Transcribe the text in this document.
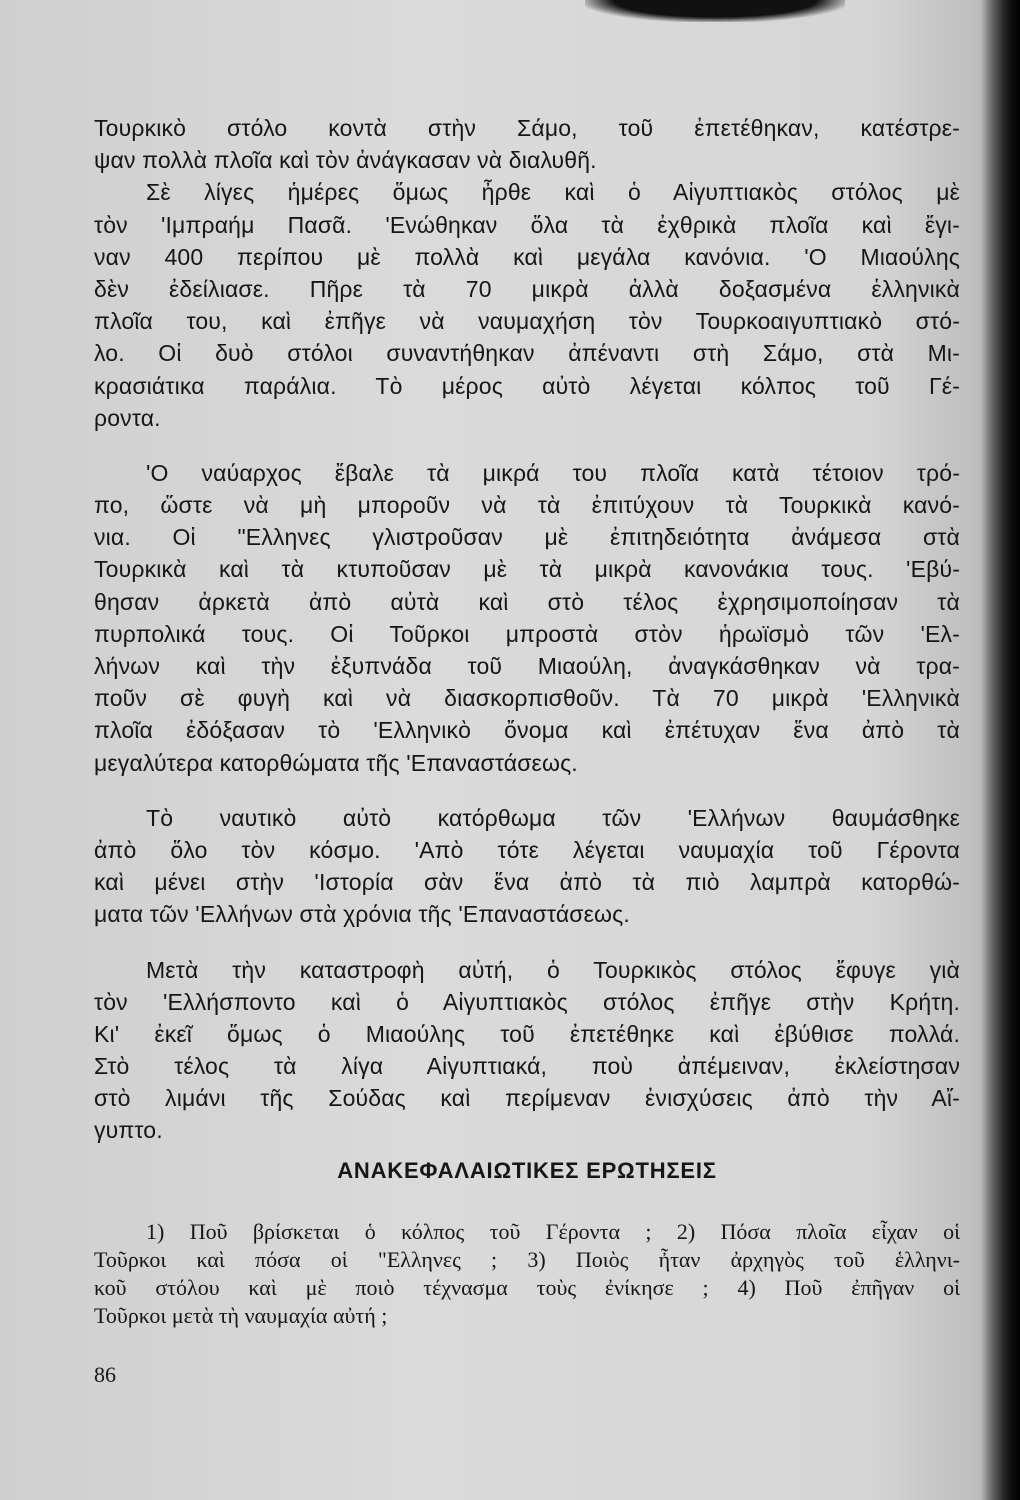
Τουρκικὸ στόλο κοντὰ στὴν Σάμο, τοῦ ἐπετέθηκαν, κατέστρε-
ψαν πολλὰ πλοῖα καὶ τὸν ἀνάγκασαν νὰ διαλυθῆ.
Σὲ λίγες ἡμέρες ὅμως ἦρθε καὶ ὁ Αἰγυπτιακὸς στόλος μὲ
τὸν 'Ιμπραήμ Πασᾶ. 'Ενώθηκαν ὅλα τὰ ἐχθρικὰ πλοῖα καὶ ἔγι-
ναν 400 περίπου μὲ πολλὰ καὶ μεγάλα κανόνια. 'Ο Μιαούλης
δὲν ἐδείλιασε. Πῆρε τὰ 70 μικρὰ ἀλλὰ δοξασμένα ἑλληνικὰ
πλοῖα του, καὶ ἐπῆγε νὰ ναυμαχήση τὸν Τουρκοαιγυπτιακὸ στό-
λο. Οἱ δυὸ στόλοι συναντήθηκαν ἀπέναντι στὴ Σάμο, στὰ Μι-
κρασιάτικα παράλια. Τὸ μέρος αὐτὸ λέγεται κόλπος τοῦ Γέ-
ροντα.
'Ο ναύαρχος ἔβαλε τὰ μικρά του πλοῖα κατὰ τέτοιον τρό-
πο, ὥστε νὰ μὴ μποροῦν νὰ τὰ ἐπιτύχουν τὰ Τουρκικὰ κανό-
νια. Οἱ "Ελληνες γλιστροῦσαν μὲ ἐπιτηδειότητα ἀνάμεσα στὰ
Τουρκικὰ καὶ τὰ κτυποῦσαν μὲ τὰ μικρὰ κανονάκια τους. 'Εβύ-
θησαν ἀρκετὰ ἀπὸ αὐτὰ καὶ στὸ τέλος ἐχρησιμοποίησαν τὰ
πυρπολικά τους. Οἱ Τοῦρκοι μπροστὰ στὸν ἡρωϊσμὸ τῶν 'Ελ-
λήνων καὶ τὴν ἐξυπνάδα τοῦ Μιαούλη, ἀναγκάσθηκαν νὰ τρα-
ποῦν σὲ φυγὴ καὶ νὰ διασκορπισθοῦν. Τὰ 70 μικρὰ 'Ελληνικὰ
πλοῖα ἐδόξασαν τὸ 'Ελληνικὸ ὄνομα καὶ ἐπέτυχαν ἕνα ἀπὸ τὰ
μεγαλύτερα κατορθώματα τῆς 'Επαναστάσεως.
Τὸ ναυτικὸ αὐτὸ κατόρθωμα τῶν 'Ελλήνων θαυμάσθηκε
ἀπὸ ὅλο τὸν κόσμο. 'Απὸ τότε λέγεται ναυμαχία τοῦ Γέροντα
καὶ μένει στὴν 'Ιστορία σὰν ἕνα ἀπὸ τὰ πιὸ λαμπρὰ κατορθώ-
ματα τῶν 'Ελλήνων στὰ χρόνια τῆς 'Επαναστάσεως.
Μετὰ τὴν καταστροφὴ αὐτή, ὁ Τουρκικὸς στόλος ἔφυγε γιὰ
τὸν 'Ελλήσποντο καὶ ὁ Αἰγυπτιακὸς στόλος ἐπῆγε στὴν Κρήτη.
Κι' ἐκεῖ ὅμως ὁ Μιαούλης τοῦ ἐπετέθηκε καὶ ἐβύθισε πολλά.
Στὸ τέλος τὰ λίγα Αἰγυπτιακά, ποὺ ἀπέμειναν, ἐκλείστησαν
στὸ λιμάνι τῆς Σούδας καὶ περίμεναν ἐνισχύσεις ἀπὸ τὴν Αἴ-
γυπτο.
ΑΝΑΚΕΦΑΛΑΙΩΤΙΚΕΣ ΕΡΩΤΗΣΕΙΣ
1) Ποῦ βρίσκεται ὁ κόλπος τοῦ Γέροντα ; 2) Πόσα πλοῖα εἶχαν οἱ
Τοῦρκοι καὶ πόσα οἱ "Ελληνες ; 3) Ποιὸς ἦταν ἀρχηγὸς τοῦ ἑλληνι-
κοῦ στόλου καὶ μὲ ποιὸ τέχνασμα τοὺς ἐνίκησε ; 4) Ποῦ ἐπῆγαν οἱ
Τοῦρκοι μετὰ τὴ ναυμαχία αὐτή ;
86
